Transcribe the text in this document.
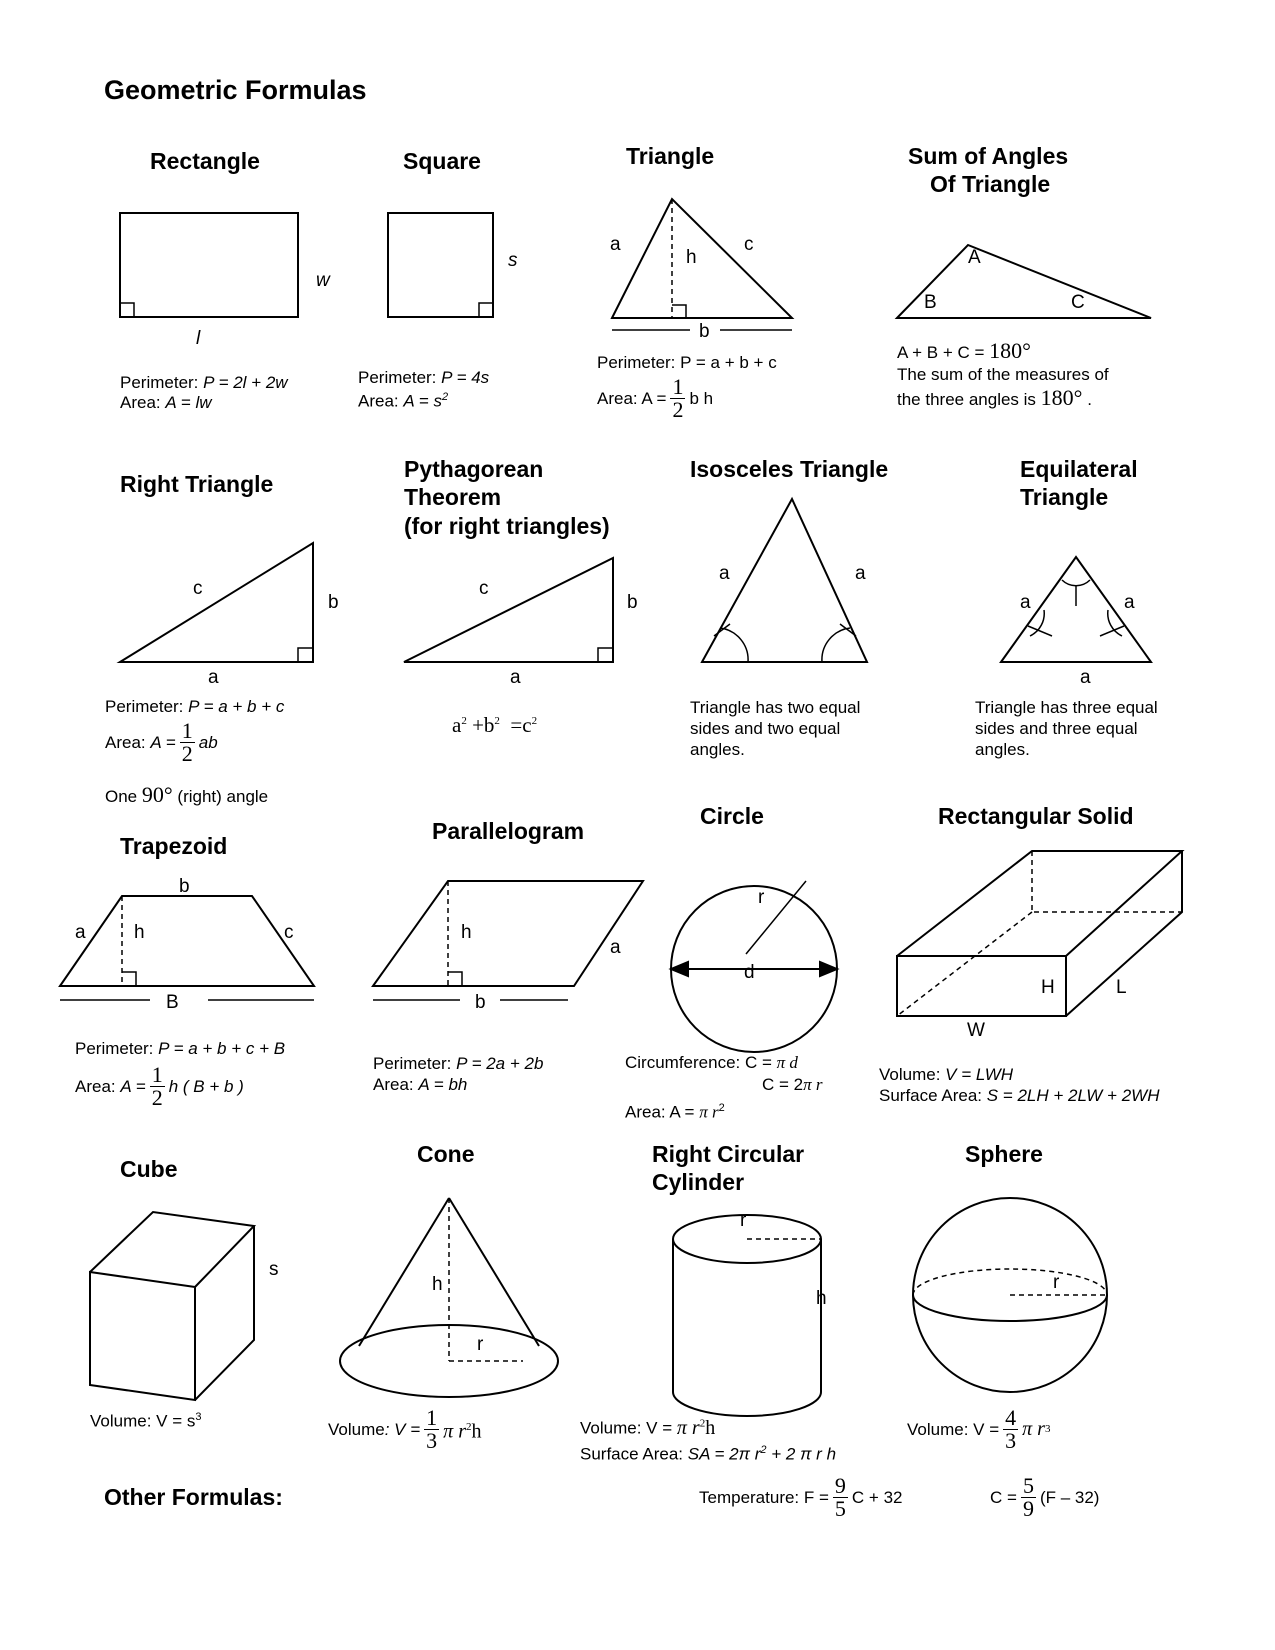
Geometric Formulas
Rectangle
w
l
Perimeter: P = 2l + 2w
Area: A = lw
Square
s
Perimeter: P = 4s
Area: $A = s^2$
Triangle
a
h
c
b
Perimeter: P = a + b + c
Area: $A = \frac{1}{2}$ b h
Sum of Angles
Of Triangle
A
B	C
A + B + C = 180°
The sum of the measures of
the three angles is 180° .
Right Triangle
c
b
a
Perimeter: P = a + b + c
Area:
$A = \frac{1}{2}$ ab
One 90° (right) angle
Pythagorean
Theorem
(for right triangles)
c
b
a
$a^2 +b^2 =c^2$
Isosceles Triangle
a	a
Triangle has two equal
sides and two equal
angles.
Equilateral
Triangle
a	a
a
Triangle has three equal
sides and three equal
angles.
Trapezoid
b
a	h	c
B
Perimeter: P = a + b + c + B
Area:
$A = \frac{1}{2}$ h ( B + b )
Parallelogram
h
a
b
Perimeter: P = 2a + 2b
Area: A = bh
Circle
r
d
Circumference: C = π d
C = 2π r
Area: A = π $r^2$
Rectangular Solid
H	L
W
Volume: V = LWH
Surface Area: S = 2LH + 2LW + 2WH
Cube
s
Volume: $V = s^3$
Cone
h
r
Volume :
$V = \frac{1}{3}$ π $r^2h$
Right Circular
Cylinder
r
h
Volume: V = π $r^2h$
Surface Area: SA = 2π $r^2 + 2$ π r h
Sphere
r
Volume: $V = \frac{4}{3}$ π r 3
Other Formulas:	Temperature: $F = \frac{9}{5}$ C + 32	$C = \frac{5}{9} (F - 32)$
